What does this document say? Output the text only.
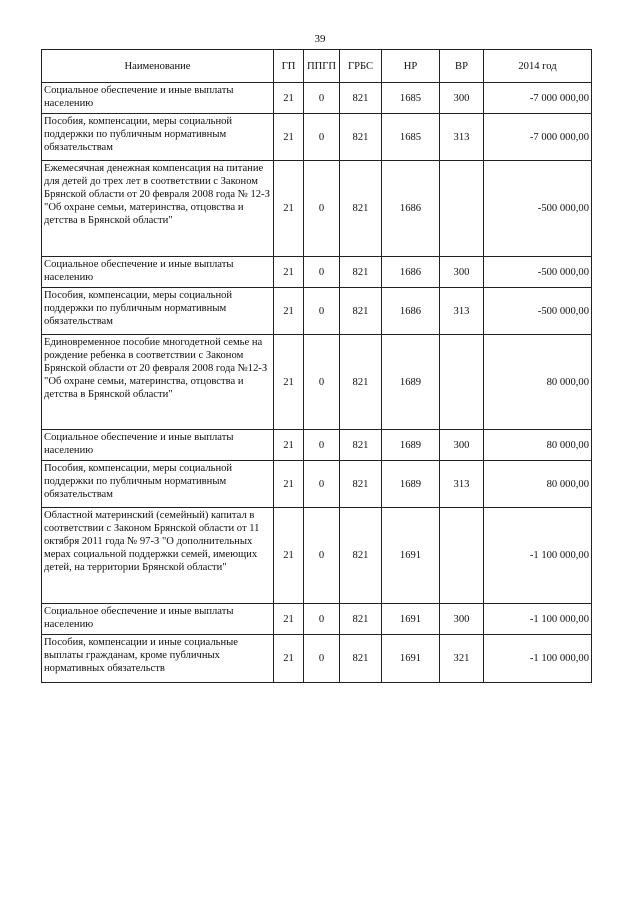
39
Наименование	ГП	ППГП	ГРБС	НР	ВР	2014 год
Социальное обеспечение и иные выплаты населению	21	0	821	1685	300	-7 000 000,00
Пособия, компенсации, меры социальной поддержки по публичным нормативным обязательствам	21	0	821	1685	313	-7 000 000,00
Ежемесячная денежная компенсация на питание для детей до трех лет в соответствии с Законом Брянской области от 20 февраля 2008 года № 12-З "Об охране семьи, материнства, отцовства и детства в Брянской области"	21	0	821	1686		-500 000,00
Социальное обеспечение и иные выплаты населению	21	0	821	1686	300	-500 000,00
Пособия, компенсации, меры социальной поддержки по публичным нормативным обязательствам	21	0	821	1686	313	-500 000,00
Единовременное пособие многодетной семье на рождение ребенка в соответствии с Законом Брянской области от 20 февраля 2008 года №12-З "Об охране семьи, материнства, отцовства и детства в Брянской области"	21	0	821	1689		80 000,00
Социальное обеспечение и иные выплаты населению	21	0	821	1689	300	80 000,00
Пособия, компенсации, меры социальной поддержки по публичным нормативным обязательствам	21	0	821	1689	313	80 000,00
Областной материнский (семейный) капитал в соответствии с Законом Брянской области от 11 октября 2011 года № 97-З "О дополнительных мерах социальной поддержки семей, имеющих детей, на территории Брянской области"	21	0	821	1691		-1 100 000,00
Социальное обеспечение и иные выплаты населению	21	0	821	1691	300	-1 100 000,00
Пособия, компенсации и иные социальные выплаты гражданам, кроме публичных нормативных обязательств	21	0	821	1691	321	-1 100 000,00
